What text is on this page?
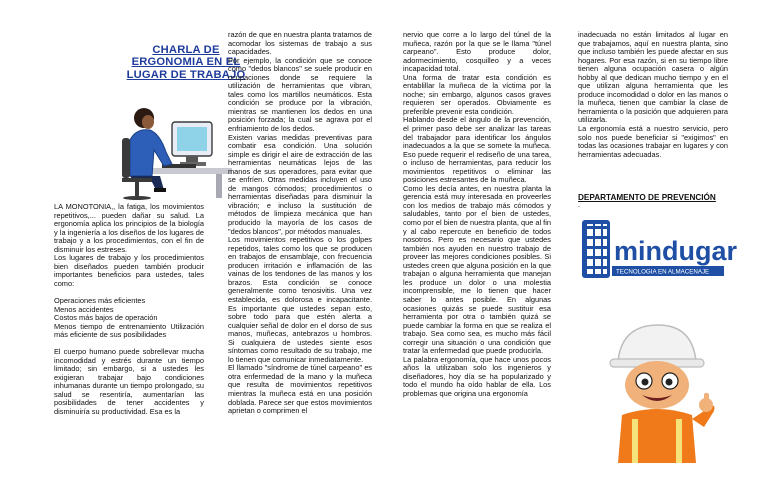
CHARLA DE ERGONOMIA EN EL LUGAR DE TRABAJO

LA MONOTONIA,, la fatiga, los movimientos repetitivos,... pueden dañar su salud. La ergonomía aplica los principios de la biología y la ingeniería a los diseños de los lugares de trabajo y a los procedimientos, con el fin de disminuir los estreses.

Los lugares de trabajo y los procedimientos bien diseñados pueden también producir importantes beneficios para ustedes, tales como:

Operaciones más eficientes
Menos accidentes
Costos más bajos de operación
Menos tiempo de entrenamiento Utilización más eficiente de sus posibilidades

El cuerpo humano puede sobrellevar mucha incomodidad y estrés durante un tiempo limitado; sin embargo, si a ustedes les exigieran trabajar bajo condiciones inhumanas durante un tiempo prolongado, su salud se resentiría, aumentarían las posibilidades de tener accidentes y disminuiría su productividad. Esa es la

razón de que en nuestra planta tratamos de acomodar los sistemas de trabajo a sus capacidades.

Por ejemplo, la condición que se conoce como "dedos blancos" se suele producir en ocupaciones donde se requiere la utilización de herramientas que vibran, tales como los martillos neumáticos. Esta condición se produce por la vibración, mientras se mantienen los dedos en una posición forzada; la cual se agrava por el enfriamiento de los dedos.

Existen varias medidas preventivas para combatir esa condición. Una solución simple es dirigir el aire de extracción de las herramientas neumáticas lejos de las manos de sus operadores, para evitar que se enfríen. Otras medidas incluyen el uso de mangos cómodos; procedimientos o herramientas diseñadas para disminuir la vibración; e incluso la sustitución de métodos de limpieza mecánica que han producido la mayoría de los casos de "dedos blancos", por métodos manuales.

Los movimientos repetitivos o los golpes repetidos, tales como los que se producen en trabajos de ensamblaje, con frecuencia producen irritación e inflamación de las vainas de los tendones de las manos y los brazos. Esta condición se conoce generalmente como tenosivitis. Una vez establecida, es dolorosa e incapacitante. Es importante que ustedes sepan esto, sobre todo para que estén alerta a cualquier señal de dolor en el dorso de sus manos, muñecas, antebrazos u hombros. Si cualquiera de ustedes siente esos síntomas como resultado de su trabajo, me lo tienen que comunicar inmediatamente.

El llamado "síndrome de túnel carpeano" es otra enfermedad de la mano y la muñeca que resulta de movimientos repetitivos mientras la muñeca está en una posición doblada. Parece ser que estos movimientos aprietan o comprimen el

nervio que corre a lo largo del túnel de la muñeca, razón por la que se le llama "túnel carpeano". Esto produce dolor, adormecimiento, cosquilleo y a veces incapacidad total.

Una forma de tratar esta condición es entablillar la muñeca de la víctima por la noche; sin embargo, algunos casos graves requieren ser operados. Obviamente es preferible prevenir esta condición.

Hablando desde el ángulo de la prevención, el primer paso debe ser analizar las tareas del trabajador para identificar los ángulos inadecuados a la que se somete la muñeca. Eso puede requerir el rediseño de una tarea, o incluso de herramientas, para reducir los movimientos repetitivos o eliminar las posiciones estresantes de la muñeca.

Como les decía antes, en nuestra planta la gerencia está muy interesada en proveerles con los medios de trabajo más cómodos y saludables, tanto por el bien de ustedes, como por el bien de nuestra planta, que al fin y al cabo repercute en beneficio de todos nosotros. Pero es necesario que ustedes también nos ayuden en nuestro trabajo de proveer las mejores condiciones posibles. Si ustedes creen que alguna posición en la que trabajan o alguna herramienta que manejan les produce un dolor o una molestia incomprensible, me lo tienen que hacer saber lo antes posible. En algunas ocasiones quizás se puede sustituir esa herramienta por otra o también quizá se puede cambiar la forma en que se realiza el trabajo. Sea como sea, es mucho más fácil corregir una situación o una condición que tratar la enfermedad que puede producirla.

La palabra ergonomía, que hace unos pocos años la utilizaban solo los ingenieros y diseñadores, hoy día se ha popularizado y todo el mundo ha oído hablar de ella. Los problemas que origina una ergonomía

inadecuada no están limitados al lugar en que trabajamos, aquí en nuestra planta, sino que incluso también les puede afectar en sus hogares. Por esa razón, si en su tiempo libre tienen alguna ocupación casera o algún hobby al que dedican mucho tiempo y en el que utilizan alguna herramienta que les produce incomodidad o dolor en las manos o la muñeca, tienen que cambiar la clase de herramienta o la posición que adquieren para utilizarla.

La ergonomía está a nuestro servicio, pero solo nos puede beneficiar si "exigimos" en todas las ocasiones trabajar en lugares y con herramientas adecuadas.

DEPARTAMENTO DE PREVENCIÓN
.
mindugar
TECNOLOGIA EN ALMACENAJE
